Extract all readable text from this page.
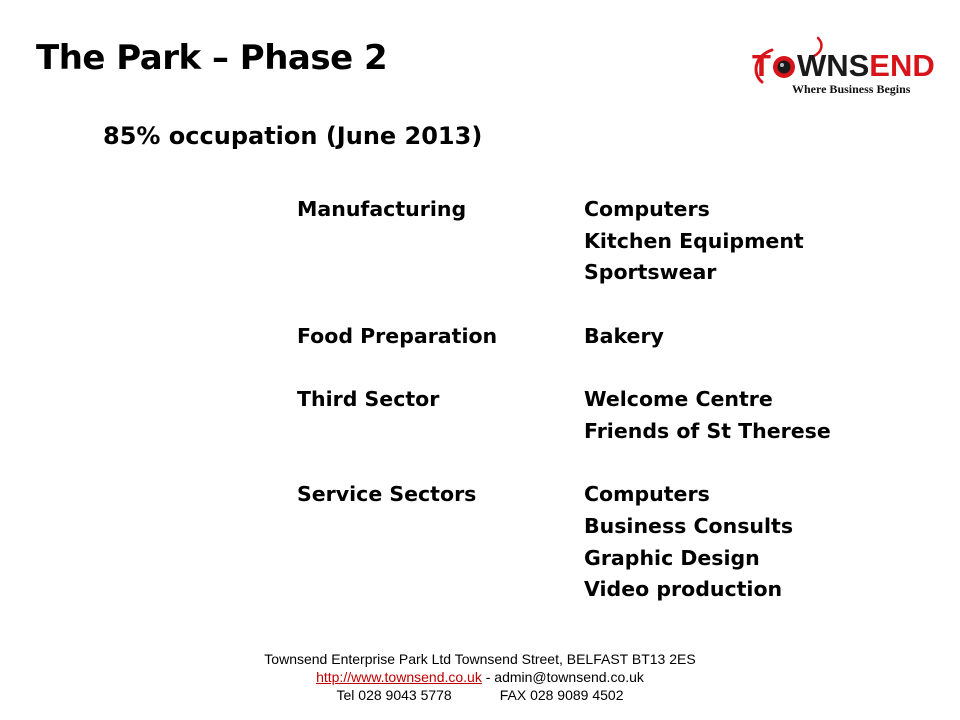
The Park – Phase 2	T WNSEND
Where Business Begins
85% occupation (June 2013)
Manufacturing	Computers
Kitchen Equipment
Sportswear
Food Preparation	Bakery
Third Sector	Welcome Centre
Friends of St Therese
Service Sectors	Computers
Business Consults
Graphic Design
Video production
Townsend Enterprise Park Ltd Townsend Street, BELFAST BT13 2ES
http://www.townsend.co.uk - admin@townsend.co.uk
Tel 028 9043 5778	FAX 028 9089 4502
